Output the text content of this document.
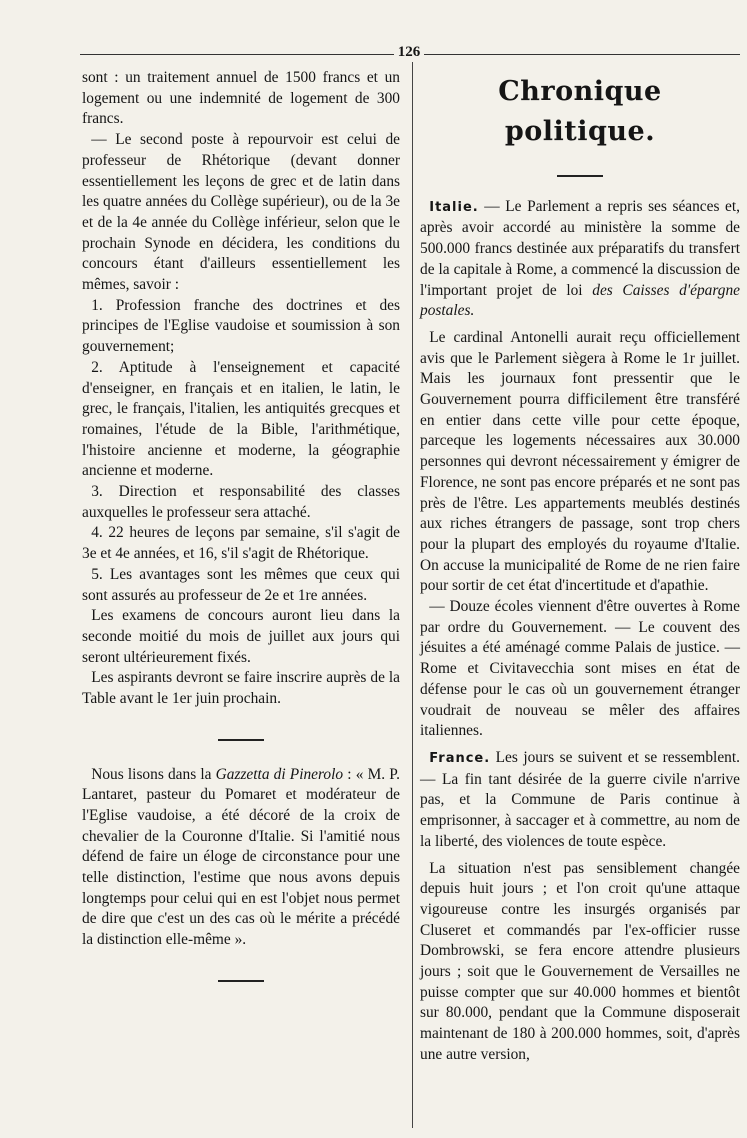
126

sont : un traitement annuel de 1500 francs et un logement ou une indemnité de logement de 300 francs.

— Le second poste à repourvoir est celui de professeur de Rhétorique (devant donner essentiellement les leçons de grec et de latin dans les quatre années du Collège supérieur), ou de la 3e et de la 4e année du Collège inférieur, selon que le prochain Synode en décidera, les conditions du concours étant d'ailleurs essentiellement les mêmes, savoir :

1. Profession franche des doctrines et des principes de l'Eglise vaudoise et soumission à son gouvernement;

2. Aptitude à l'enseignement et capacité d'enseigner, en français et en italien, le latin, le grec, le français, l'italien, les antiquités grecques et romaines, l'étude de la Bible, l'arithmétique, l'histoire ancienne et moderne, la géographie ancienne et moderne.

3. Direction et responsabilité des classes auxquelles le professeur sera attaché.

4. 22 heures de leçons par semaine, s'il s'agit de 3e et 4e années, et 16, s'il s'agit de Rhétorique.

5. Les avantages sont les mêmes que ceux qui sont assurés au professeur de 2e et 1re années.

Les examens de concours auront lieu dans la seconde moitié du mois de juillet aux jours qui seront ultérieurement fixés.

Les aspirants devront se faire inscrire auprès de la Table avant le 1er juin prochain.

Nous lisons dans la Gazzetta di Pinerolo : « M. P. Lantaret, pasteur du Pomaret et modérateur de l'Eglise vaudoise, a été décoré de la croix de chevalier de la Couronne d'Italie. Si l'amitié nous défend de faire un éloge de circonstance pour une telle distinction, l'estime que nous avons depuis longtemps pour celui qui en est l'objet nous permet de dire que c'est un des cas où le mérite a précédé la distinction elle-même ».

Chronique politique.

Italie. — Le Parlement a repris ses séances et, après avoir accordé au ministère la somme de 500.000 francs destinée aux préparatifs du transfert de la capitale à Rome, a commencé la discussion de l'important projet de loi des Caisses d'épargne postales.

Le cardinal Antonelli aurait reçu officiellement avis que le Parlement siègera à Rome le 1r juillet. Mais les journaux font pressentir que le Gouvernement pourra difficilement être transféré en entier dans cette ville pour cette époque, parceque les logements nécessaires aux 30.000 personnes qui devront nécessairement y émigrer de Florence, ne sont pas encore préparés et ne sont pas près de l'être. Les appartements meublés destinés aux riches étrangers de passage, sont trop chers pour la plupart des employés du royaume d'Italie. On accuse la municipalité de Rome de ne rien faire pour sortir de cet état d'incertitude et d'apathie.

— Douze écoles viennent d'être ouvertes à Rome par ordre du Gouvernement. — Le couvent des jésuites a été aménagé comme Palais de justice. — Rome et Civitavecchia sont mises en état de défense pour le cas où un gouvernement étranger voudrait de nouveau se mêler des affaires italiennes.

France. Les jours se suivent et se ressemblent. — La fin tant désirée de la guerre civile n'arrive pas, et la Commune de Paris continue à emprisonner, à saccager et à commettre, au nom de la liberté, des violences de toute espèce.

La situation n'est pas sensiblement changée depuis huit jours ; et l'on croit qu'une attaque vigoureuse contre les insurgés organisés par Cluseret et commandés par l'ex-officier russe Dombrowski, se fera encore attendre plusieurs jours ; soit que le Gouvernement de Versailles ne puisse compter que sur 40.000 hommes et bientôt sur 80.000, pendant que la Commune disposerait maintenant de 180 à 200.000 hommes, soit, d'après une autre version,
